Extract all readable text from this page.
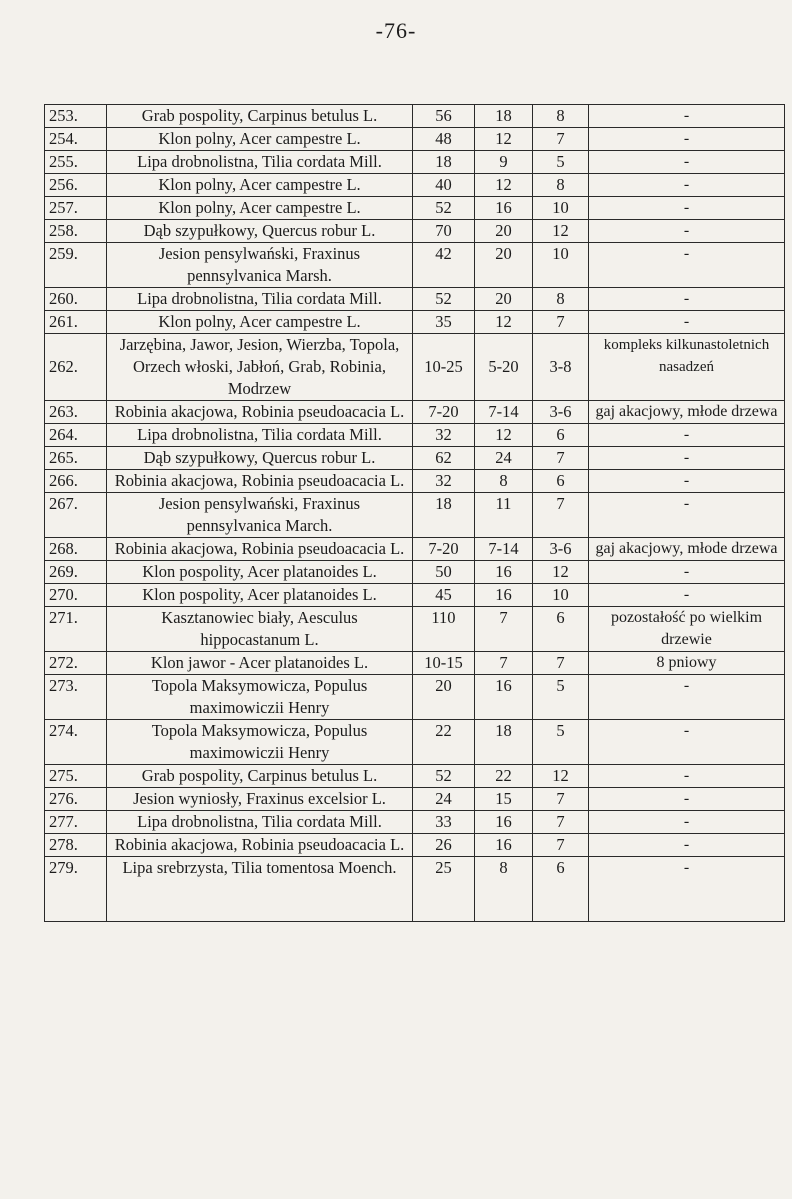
-76-
253.	Grab pospolity, Carpinus betulus L.	56	18	8	-
254.	Klon polny, Acer campestre L.	48	12	7	-
255.	Lipa drobnolistna, Tilia cordata Mill.	18	9	5	-
256.	Klon polny, Acer campestre L.	40	12	8	-
257.	Klon polny, Acer campestre L.	52	16	10	-
258.	Dąb szypułkowy, Quercus robur L.	70	20	12	-
259.	Jesion pensylwański, Fraxinus pennsylvanica Marsh.	42	20	10	-
260.	Lipa drobnolistna, Tilia cordata Mill.	52	20	8	-
261.	Klon polny, Acer campestre L.	35	12	7	-
262.	Jarzębina, Jawor, Jesion, Wierzba, Topola, Orzech włoski, Jabłoń, Grab, Robinia, Modrzew	10-25	5-20	3-8	kompleks kilkunastoletnich nasadzeń
263.	Robinia akacjowa, Robinia pseudoacacia L.	7-20	7-14	3-6	gaj akacjowy, młode drzewa
264.	Lipa drobnolistna, Tilia cordata Mill.	32	12	6	-
265.	Dąb szypułkowy, Quercus robur L.	62	24	7	-
266.	Robinia akacjowa, Robinia pseudoacacia L.	32	8	6	-
267.	Jesion pensylwański, Fraxinus pennsylvanica March.	18	11	7	-
268.	Robinia akacjowa, Robinia pseudoacacia L.	7-20	7-14	3-6	gaj akacjowy, młode drzewa
269.	Klon pospolity, Acer platanoides L.	50	16	12	-
270.	Klon pospolity, Acer platanoides L.	45	16	10	-
271.	Kasztanowiec biały, Aesculus hippocastanum L.	110	7	6	pozostałość po wielkim drzewie
272.	Klon jawor - Acer platanoides L.	10-15	7	7	8 pniowy
273.	Topola Maksymowicza, Populus maximowiczii Henry	20	16	5	-
274.	Topola Maksymowicza, Populus maximowiczii Henry	22	18	5	-
275.	Grab pospolity, Carpinus betulus L.	52	22	12	-
276.	Jesion wyniosły, Fraxinus excelsior L.	24	15	7	-
277.	Lipa drobnolistna, Tilia cordata Mill.	33	16	7	-
278.	Robinia akacjowa, Robinia pseudoacacia L.	26	16	7	-
279.	Lipa srebrzysta, Tilia tomentosa Moench.	25	8	6	-
